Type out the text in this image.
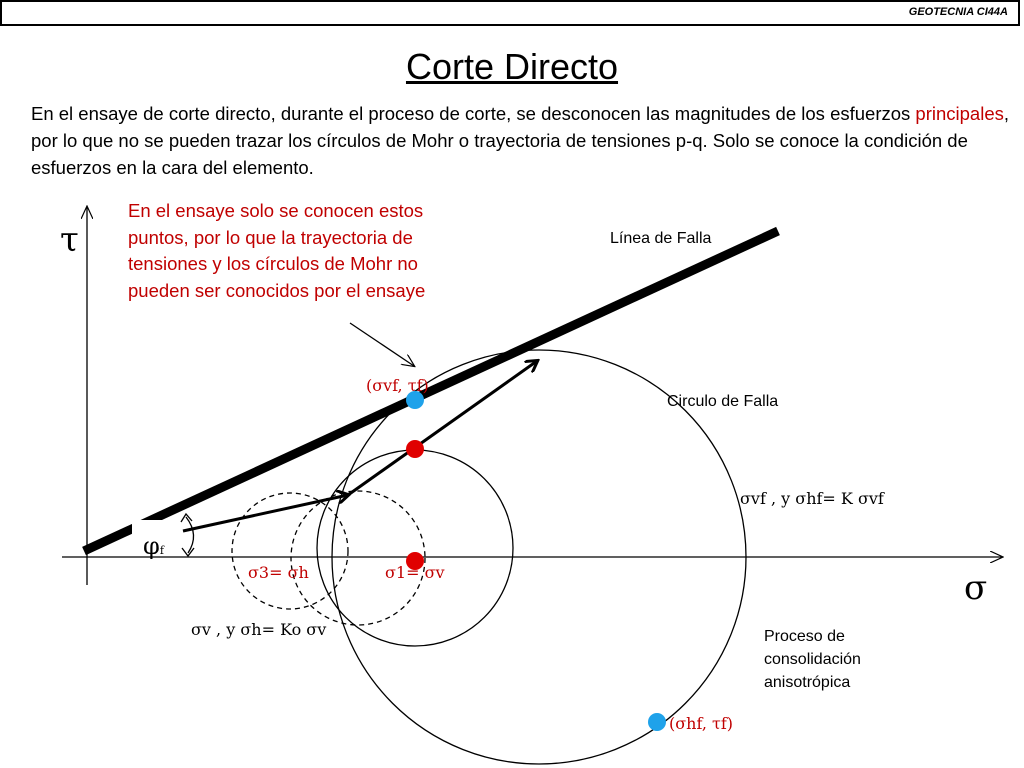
GEOTECNIA CI44A
Corte Directo
En el ensaye de corte directo, durante el proceso de corte, se desconocen las magnitudes de los esfuerzos principales, por lo que no se pueden trazar los círculos de Mohr o trayectoria de tensiones p-q. Solo se conoce la condición de esfuerzos en la cara del elemento.
En el ensaye solo se conocen estos puntos, por lo que la trayectoria de tensiones y los círculos de Mohr no pueden ser conocidos por el ensaye
τ
σ
Línea de Falla
Circulo de Falla
(σvf, τf)
(σhf, τf)
σvf , y σhf= K σvf
σ3= σh	σ1= σv
σv , y σh= Ko σv
φf
Proceso de consolidación anisotrópica
